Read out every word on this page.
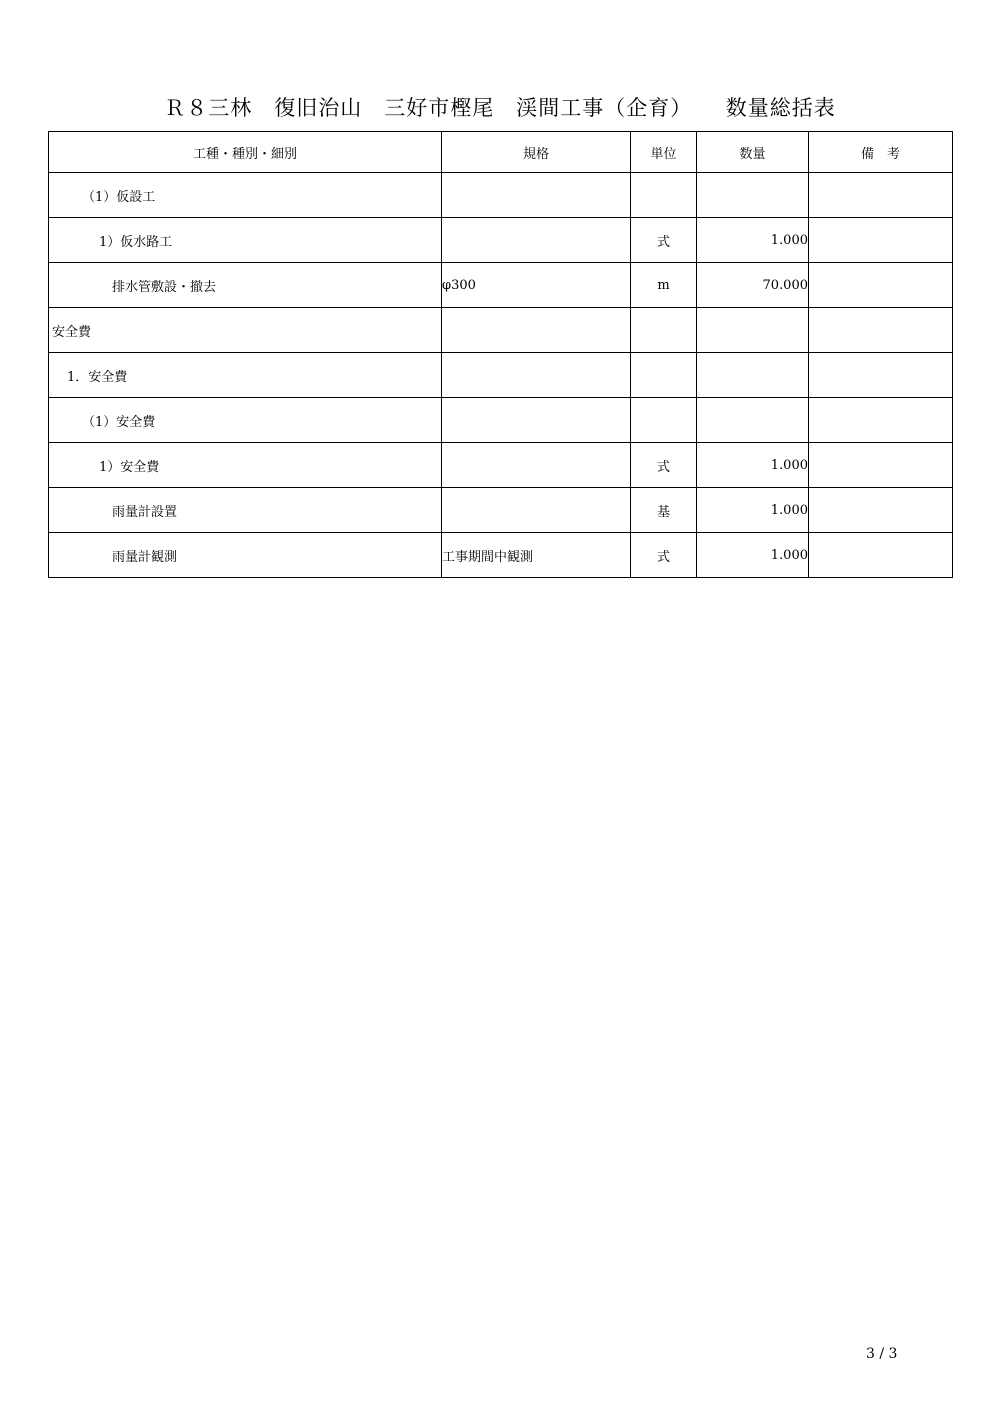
Ｒ８三林　復旧治山　三好市樫尾　渓間工事（企育）　　数量総括表
工種・種別・細別	規格	単位	数量	備　考
（1）仮設工				
1）仮水路工		式	1.000	
排水管敷設・撤去	φ300	m	70.000	
安全費				
1．安全費				
（1）安全費				
1）安全費		式	1.000	
雨量計設置		基	1.000	
雨量計観測	工事期間中観測	式	1.000	
3 / 3
